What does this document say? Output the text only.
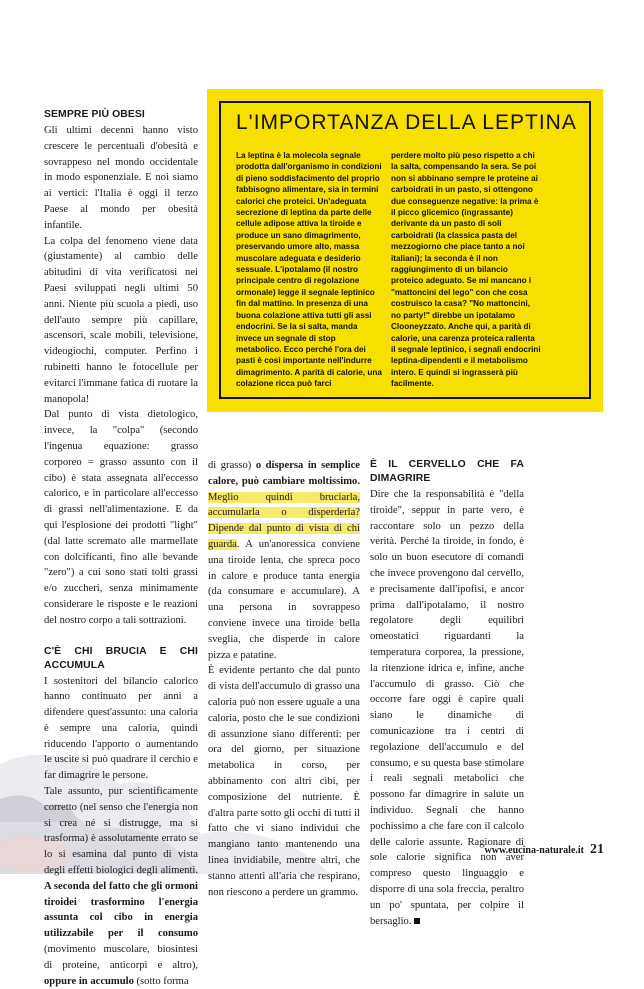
L'IMPORTANZA DELLA LEPTINA
La leptina è la molecola segnale prodotta dall'organismo in condizioni di pieno soddisfacimento del proprio fabbisogno alimentare, sia in termini calorici che proteici. Un'adeguata secrezione di leptina da parte delle cellule adipose attiva la tiroide e produce un sano dimagrimento, preservando umore alto, massa muscolare adeguata e desiderio sessuale. L'ipotalamo (il nostro principale centro di regolazione ormonale) legge il segnale leptinico fin dal mattino. In presenza di una buona colazione attiva tutti gli assi endocrini. Se la si salta, manda invece un segnale di stop metabolico. Ecco perché l'ora dei pasti è così importante nell'indurre dimagrimento. A parità di calorie, una colazione ricca può farci
perdere molto più peso rispetto a chi la salta, compensando la sera. Se poi non si abbinano sempre le proteine ai carboidrati in un pasto, si ottengono due conseguenze negative: la prima è il picco glicemico (ingrassante) derivante da un pasto di soli carboidrati (la classica pasta del mezzogiorno che piace tanto a noi italiani); la seconda è il non raggiungimento di un bilancio proteico adeguato. Se mi mancano i "mattoncini del lego" con che cosa costruisco la casa? "No mattoncini, no party!" direbbe un ipotalamo Clooneyzzato. Anche qui, a parità di calorie, una carenza proteica rallenta il segnale leptinico, i segnali endocrini leptina-dipendenti e il metabolismo intero. E quindi si ingrasserà più facilmente.
SEMPRE PIÙ OBESI

Gli ultimi decenni hanno visto crescere le percentuali d'obesità e sovrappeso nel mondo occidentale in modo esponenziale. E noi siamo ai vertici: l'Italia è oggi il terzo Paese al mondo per obesità infantile.

La colpa del fenomeno viene data (giustamente) al cambio delle abitudini di vita verificatosi nei Paesi sviluppati negli ultimi 50 anni. Niente più scuola a piedi, uso dell'auto sempre più capillare, ascensori, scale mobili, televisione, videogiochi, computer. Perfino i rubinetti hanno le fotocellule per evitarci l'immane fatica di ruotare la manopola!

Dal punto di vista dietologico, invece, la "colpa" (secondo l'ingenua equazione: grasso corporeo = grasso assunto con il cibo) è stata assegnata all'eccesso calorico, e in particolare all'eccesso di grassi nell'alimentazione. E da qui l'esplosione dei prodotti "light" (dal latte scremato alle marmellate con dolcificanti, fino alle bevande "zero") a cui sono stati tolti grassi e/o zuccheri, senza minimamente considerare le risposte e le reazioni del nostro corpo a tali sottrazioni.

C'È CHI BRUCIA E CHI ACCUMULA

I sostenitori del bilancio calorico hanno continuato per anni a difendere quest'assunto: una caloria è sempre una caloria, quindi riducendo l'apporto o aumentando le uscite si può quadrare il cerchio e far dimagrire le persone.

Tale assunto, pur scientificamente corretto (nel senso che l'energia non si crea né si distrugge, ma si trasforma) è assolutamente errato se lo si esamina dal punto di vista degli effetti biologici degli alimenti. A seconda del fatto che gli ormoni tiroidei trasformino l'energia assunta col cibo in energia utilizzabile per il consumo (movimento muscolare, biosintesi di proteine, anticorpi e altro), oppure in accumulo (sotto forma

di grasso) o dispersa in semplice calore, può cambiare moltissimo. Meglio quindi bruciarla, accumularla o disperderla? Dipende dal punto di vista di chi guarda. A un'anoressica conviene una tiroide lenta, che spreca poco in calore e produce tanta energia (da consumare e accumulare). A una persona in sovrappeso conviene invece una tiroide bella sveglia, che disperde in calore pizza e patatine.

È evidente pertanto che dal punto di vista dell'accumulo di grasso una caloria può non essere uguale a una caloria, posto che le sue condizioni di assunzione siano differenti: per ora del giorno, per situazione metabolica in corso, per abbinamento con altri cibi, per composizione del nutriente. È d'altra parte sotto gli occhi di tutti il fatto che vi siano individui che mangiano tanto mantenendo una linea invidiabile, mentre altri, che stanno attenti all'aria che respirano, non riescono a perdere un grammo.

È IL CERVELLO CHE FA DIMAGRIRE

Dire che la responsabilità è "della tiroide", seppur in parte vero, è raccontare solo un pezzo della verità. Perché la tiroide, in fondo, è solo un buon esecutore di comandi che invece provengono dal cervello, e precisamente dall'ipofisi, e ancor prima dall'ipotalamo, il nostro regolatore degli equilibri omeostatici riguardanti la temperatura corporea, la pressione, la ritenzione idrica e, infine, anche l'accumulo di grasso. Ciò che occorre fare oggi è capire quali siano le dinamiche di comunicazione tra i centri di regolazione dell'accumulo e del consumo, e su questa base stimolare i reali segnali metabolici che possono far dimagrire in salute un individuo. Segnali che hanno pochissimo a che fare con il calcolo delle calorie assunte. Ragionare di sole calorie significa non aver compreso questo linguaggio e disporre di una sola freccia, peraltro un po' spuntata, per colpire il bersaglio.

www.eucina-naturale.it 21
